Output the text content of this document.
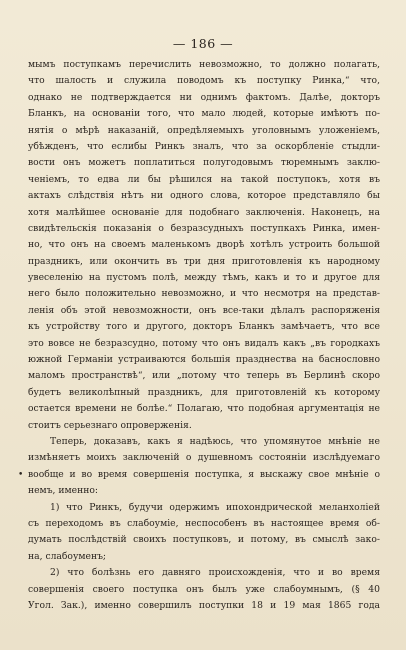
— 186 —
мымъ поступкамъ перечислить невозможно, то должно полагать,
что шалость и служила поводомъ къ поступку Ринка,“ что,
однако не подтверждается ни однимъ фактомъ. Далѣе, докторъ
Бланкъ, на основаніи того, что мало людей, которые имѣютъ по-
нятія о мѣрѣ наказаній, опредѣляемыхъ уголовнымъ уложеніемъ,
убѣжденъ, что еслибы Ринкъ зналъ, что за оскорбленіе стыдли-
вости онъ можетъ поплатиться полугодовымъ тюремнымъ заклю-
ченіемъ, то едва ли бы рѣшился на такой поступокъ, хотя въ
актахъ слѣдствія нѣтъ ни одного слова, которое представляло бы
хотя малѣйшее основаніе для подобнаго заключенія. Наконецъ, на
свидѣтельскія показанія о безразсудныхъ поступкахъ Ринка, имен-
но, что онъ на своемъ маленькомъ дворѣ хотѣлъ устроить большой
праздникъ, или окончить въ три дня приготовленія къ народному
увеселенію на пустомъ полѣ, между тѣмъ, какъ и то и другое для
него было положительно невозможно, и что несмотря на представ-
ленія объ этой невозможности, онъ все-таки дѣлалъ распоряженія
къ устройству того и другого, докторъ Бланкъ замѣчаетъ, что все
это вовсе не безразсудно, потому что онъ видалъ какъ „въ городкахъ
южной Германіи устраиваются большія празднества на баснословно
маломъ пространствѣ“, или „потому что теперь въ Берлинѣ скоро
будетъ великолѣпный праздникъ, для приготовленій къ которому
остается времени не болѣе.“ Полагаю, что подобная аргументація не
стоитъ серьезнаго опроверженія.
Теперь, доказавъ, какъ я надѣюсь, что упомянутое мнѣніе не
измѣняетъ моихъ заключеній о душевномъ состояніи изслѣдуемаго
вообще и во время совершенія поступка, я выскажу свое мнѣніе о
•
немъ, именно:
1) что Ринкъ, будучи одержимъ ипохондрической меланхоліей
съ переходомъ въ слабоумiе, неспособенъ въ настоящее время об-
думать послѣдствій своихъ поступковъ, и потому, въ смыслѣ зако-
на, слабоуменъ;
2) что болѣзнь его давняго происхожденія, что и во время
совершенія своего поступка онъ былъ уже слабоумнымъ, (§ 40
Угол. Зак.), именно совершилъ поступки 18 и 19 мая 1865 года
